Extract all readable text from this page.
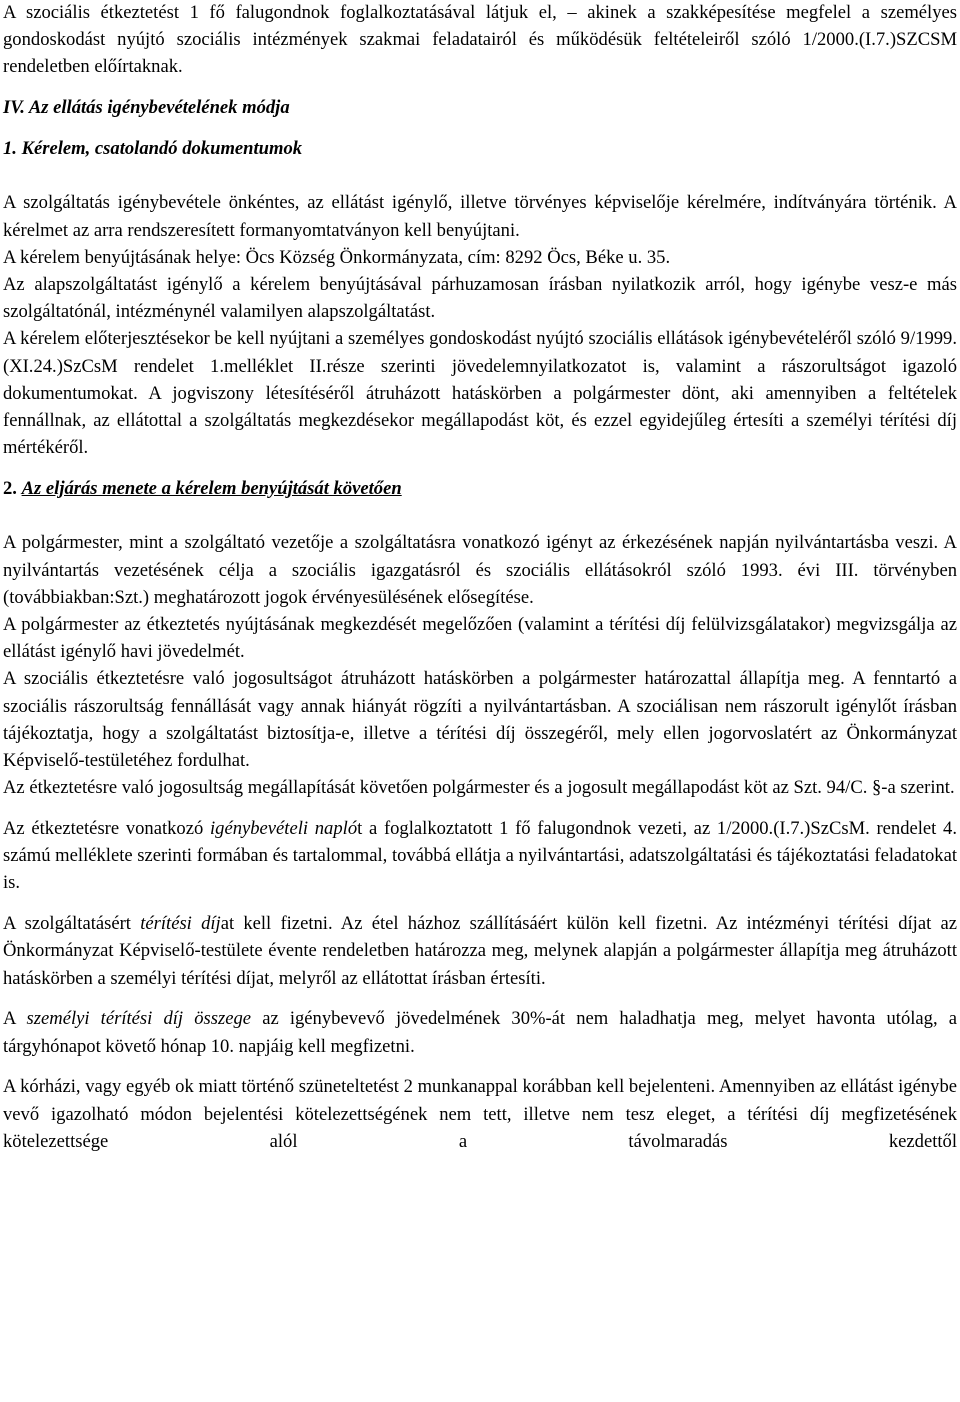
A szociális étkeztetést 1 fő falugondnok foglalkoztatásával látjuk el, – akinek a szakképesítése megfelel a személyes gondoskodást nyújtó szociális intézmények szakmai feladatairól és működésük feltételeiről szóló 1/2000.(I.7.)SZCSM rendeletben előírtaknak.

IV. Az ellátás igénybevételének módja

1. Kérelem, csatolandó dokumentumok

A szolgáltatás igénybevétele önkéntes, az ellátást igénylő, illetve törvényes képviselője kérelmére, indítványára történik. A kérelmet az arra rendszeresített formanyomtatványon kell benyújtani.

A kérelem benyújtásának helye: Öcs Község Önkormányzata, cím: 8292 Öcs, Béke u. 35.

Az alapszolgáltatást igénylő a kérelem benyújtásával párhuzamosan írásban nyilatkozik arról, hogy igénybe vesz-e más szolgáltatónál, intézménynél valamilyen alapszolgáltatást.

A kérelem előterjesztésekor be kell nyújtani a személyes gondoskodást nyújtó szociális ellátások igénybevételéről szóló 9/1999.(XI.24.)SzCsM rendelet 1.melléklet II.része szerinti jövedelemnyilatkozatot is, valamint a rászorultságot igazoló dokumentumokat. A jogviszony létesítéséről átruházott hatáskörben a polgármester dönt, aki amennyiben a feltételek fennállnak, az ellátottal a szolgáltatás megkezdésekor megállapodást köt, és ezzel egyidejűleg értesíti a személyi térítési díj mértékéről.

2. Az eljárás menete a kérelem benyújtását követően

A polgármester, mint a szolgáltató vezetője a szolgáltatásra vonatkozó igényt az érkezésének napján nyilvántartásba veszi. A nyilvántartás vezetésének célja a szociális igazgatásról és szociális ellátásokról szóló 1993. évi III. törvényben (továbbiakban:Szt.) meghatározott jogok érvényesülésének elősegítése.

A polgármester az étkeztetés nyújtásának megkezdését megelőzően (valamint a térítési díj felülvizsgálatakor) megvizsgálja az ellátást igénylő havi jövedelmét.

A szociális étkeztetésre való jogosultságot átruházott hatáskörben a polgármester határozattal állapítja meg. A fenntartó a szociális rászorultság fennállását vagy annak hiányát rögzíti a nyilvántartásban. A szociálisan nem rászorult igénylőt írásban tájékoztatja, hogy a szolgáltatást biztosítja-e, illetve a térítési díj összegéről, mely ellen jogorvoslatért az Önkormányzat Képviselő-testületéhez fordulhat.

Az étkeztetésre való jogosultság megállapítását követően polgármester és a jogosult megállapodást köt az Szt. 94/C. §-a szerint.

Az étkeztetésre vonatkozó igénybevételi naplót a foglalkoztatott 1 fő falugondnok vezeti, az 1/2000.(I.7.)SzCsM. rendelet 4. számú melléklete szerinti formában és tartalommal, továbbá ellátja a nyilvántartási, adatszolgáltatási és tájékoztatási feladatokat is.

A szolgáltatásért térítési díjat kell fizetni. Az étel házhoz szállításáért külön kell fizetni. Az intézményi térítési díjat az Önkormányzat Képviselő-testülete évente rendeletben határozza meg, melynek alapján a polgármester állapítja meg átruházott hatáskörben a személyi térítési díjat, melyről az ellátottat írásban értesíti.

A személyi térítési díj összege az igénybevevő jövedelmének 30%-át nem haladhatja meg, melyet havonta utólag, a tárgyhónapot követő hónap 10. napjáig kell megfizetni.

A kórházi, vagy egyéb ok miatt történő szüneteltetést 2 munkanappal korábban kell bejelenteni. Amennyiben az ellátást igénybe vevő igazolható módon bejelentési kötelezettségének nem tett, illetve nem tesz eleget, a térítési díj megfizetésének kötelezettsége alól a távolmaradás kezdettől
